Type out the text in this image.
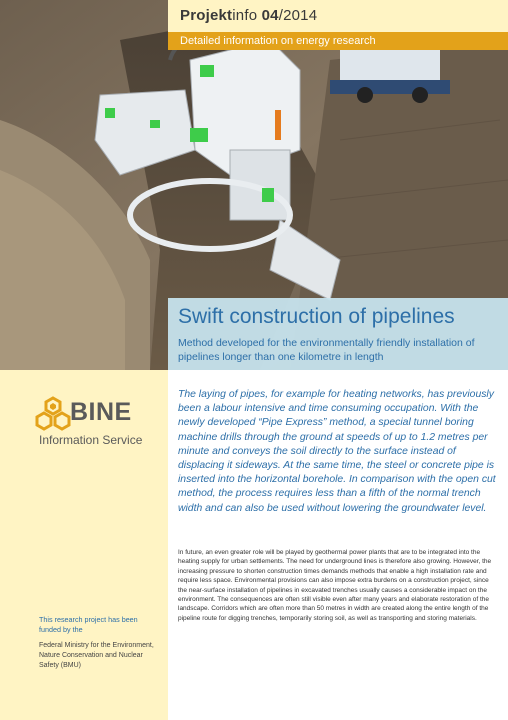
Projektinfo 04/2014
Detailed information on energy research
Swift construction of pipelines
Method developed for the environmentally friendly installation of pipelines longer than one kilometre in length
BINE
Information Service
This research project has been funded by the
Federal Ministry for the Environment, Nature Conservation and Nuclear Safety (BMU)

The laying of pipes, for example for heating networks, has previously been a labour intensive and time consuming occupation. With the newly developed “Pipe Express” method, a special tunnel boring machine drills through the ground at speeds of up to 1.2 metres per minute and conveys the soil directly to the surface instead of displacing it sideways. At the same time, the steel or concrete pipe is inserted into the horizontal borehole. In comparison with the open cut method, the process requires less than a fifth of the normal trench width and can also be used without lowering the groundwater level.

In future, an even greater role will be played by geothermal power plants that are to be integrated into the heating supply for urban settlements. The need for underground lines is therefore also growing. However, the increasing pressure to shorten construction times demands methods that enable a high installation rate and require less space. Environmental provisions can also impose extra burdens on a construction project, since the near-surface installation of pipelines in excavated trenches usually causes a considerable impact on the environment. The consequences are often still visible even after many years and elaborate restoration of the landscape. Corridors which are often more than 50 metres in width are created along the entire length of the pipeline route for digging trenches, temporarily storing soil, as well as transporting and storing materials.
